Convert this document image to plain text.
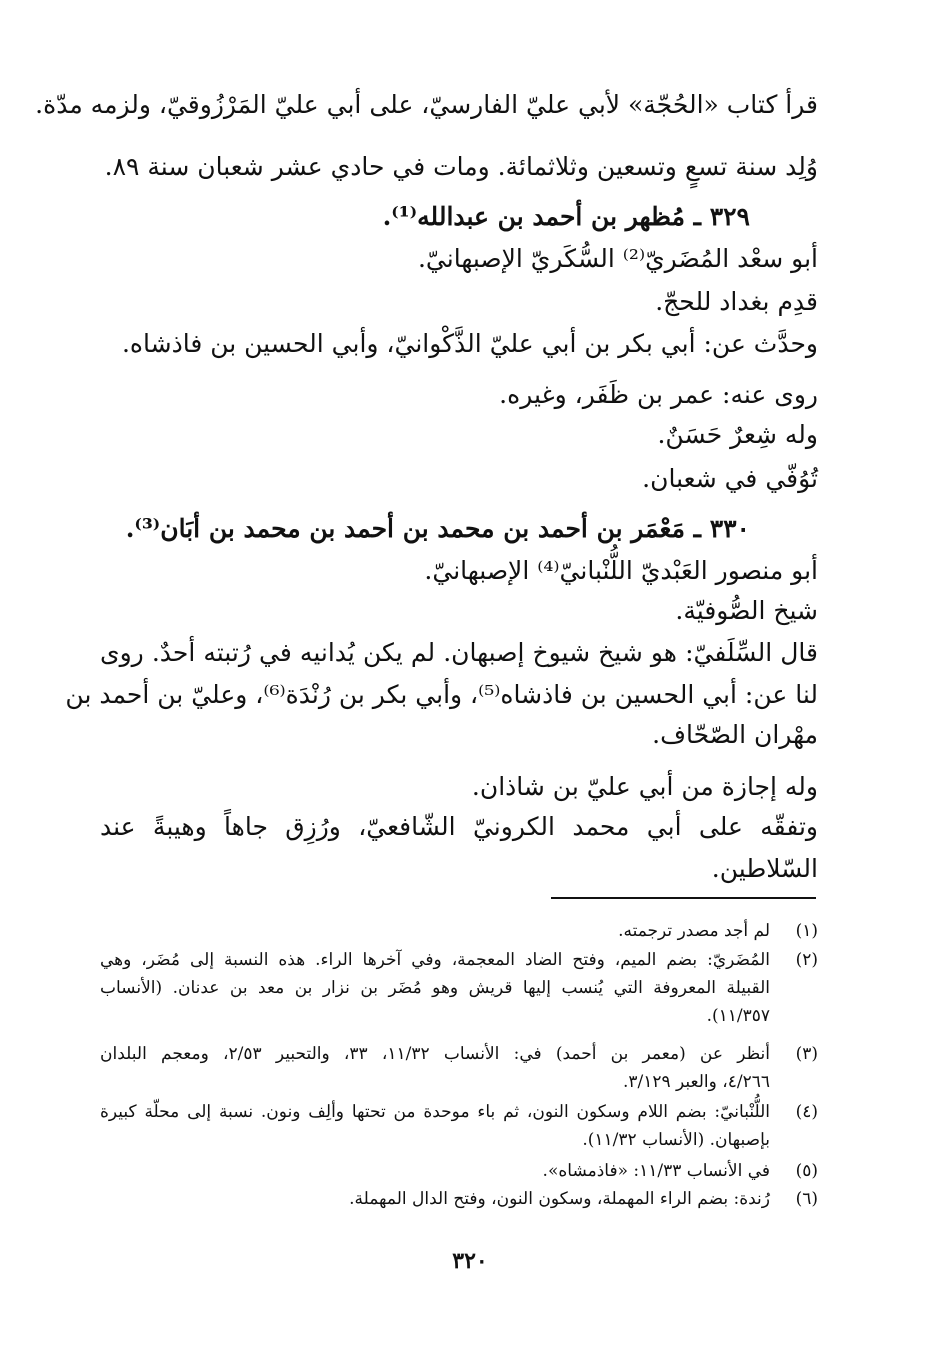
قرأ كتاب «الحُجّة» لأبي عليّ الفارسيّ، على أبي عليّ المَرْزُوقيّ، ولزمه مدّة.
وُلِد سنة تسعٍ وتسعين وثلاثمائة. ومات في حادي عشر شعبان سنة ٨٩.
٣٢٩ ـ مُظهر بن أحمد بن عبدالله⁽¹⁾.
أبو سعْد المُضَريّ⁽²⁾ السُّكَريّ الإصبهانيّ.
قدِم بغداد للحجّ.
وحدَّث عن: أبي بكر بن أبي عليّ الذَّكْوانيّ، وأبي الحسين بن فاذشاه.
روى عنه: عمر بن ظَفَر، وغيره.
وله شِعرٌ حَسَنٌ.
تُوُفّي في شعبان.
٣٣٠ ـ مَعْمَر بن أحمد بن محمد بن أحمد بن محمد بن أبَان⁽³⁾.
أبو منصور العَبْديّ اللُّنْبانيّ⁽⁴⁾ الإصبهانيّ.
شيخ الصُّوفيّة.
قال السِّلَفيّ: هو شيخ شيوخ إصبهان. لم يكن يُدانيه في رُتبته أحدٌ. روى
لنا عن: أبي الحسين بن فاذشاه⁽⁵⁾، وأبي بكر بن رُنْدَة⁽⁶⁾، وعليّ بن أحمد بن
مهْران الصّحّاف.
وله إجازة من أبي عليّ بن شاذان.
وتفقّه على أبي محمد الكرونيّ الشّافعيّ، ورُزِق جاهاً وهيبةً عند
السّلاطين.
(١)
لم أجد مصدر ترجمته.
(٢)
المُضَريّ: بضم الميم، وفتح الضاد المعجمة، وفي آخرها الراء. هذه النسبة إلى مُضَر، وهي
القبيلة المعروفة التي يُنسب إليها قريش وهو مُضَر بن نزار بن معد بن عدنان. (الأنساب
١١/٣٥٧).
(٣)
أنظر عن (معمر بن أحمد) في: الأنساب ١١/٣٢، ٣٣، والتحبير ٢/٥٣، ومعجم البلدان
٤/٢٦٦، والعبر ٣/١٢٩.
(٤)
اللُّنْبانيّ: بضم اللام وسكون النون، ثم باء موحدة من تحتها وألِف ونون. نسبة إلى محلّة كبيرة
بإصبهان. (الأنساب ١١/٣٢).
(٥)
في الأنساب ١١/٣٣: «فاذمشاه».
(٦)
رُندة: بضم الراء المهملة، وسكون النون، وفتح الدال المهملة.
٣٢٠
